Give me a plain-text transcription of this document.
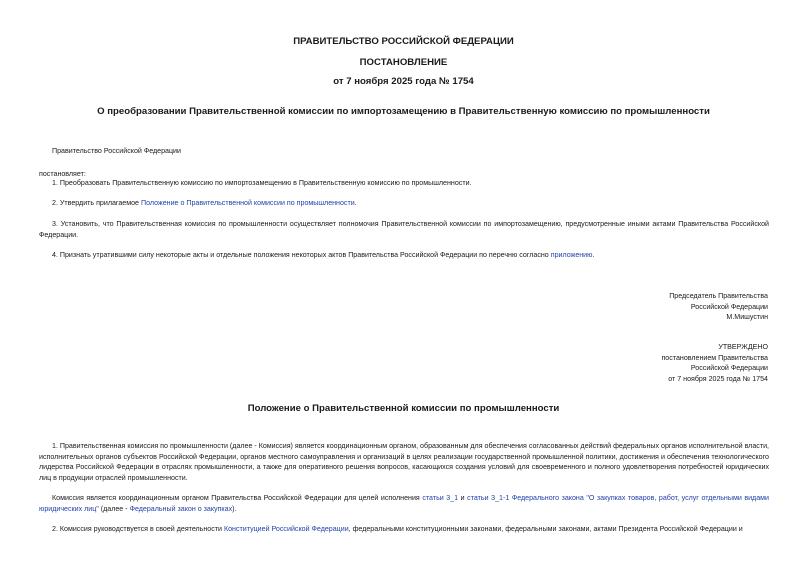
ПРАВИТЕЛЬСТВО РОССИЙСКОЙ ФЕДЕРАЦИИ
ПОСТАНОВЛЕНИЕ
от 7 ноября 2025 года № 1754
О преобразовании Правительственной комиссии по импортозамещению в Правительственную комиссию по промышленности
Правительство Российской Федерации
постановляет:
1. Преобразовать Правительственную комиссию по импортозамещению в Правительственную комиссию по промышленности.
2. Утвердить прилагаемое Положение о Правительственной комиссии по промышленности.
3. Установить, что Правительственная комиссия по промышленности осуществляет полномочия Правительственной комиссии по импортозамещению, предусмотренные иными актами Правительства Российской Федерации.
4. Признать утратившими силу некоторые акты и отдельные положения некоторых актов Правительства Российской Федерации по перечню согласно приложению.
Председатель Правительства
Российской Федерации
М.Мишустин
УТВЕРЖДЕНО
постановлением Правительства
Российской Федерации
от 7 ноября 2025 года № 1754
Положение о Правительственной комиссии по промышленности
1. Правительственная комиссия по промышленности (далее - Комиссия) является координационным органом, образованным для обеспечения согласованных действий федеральных органов исполнительной власти, исполнительных органов субъектов Российской Федерации, органов местного самоуправления и организаций в целях реализации государственной промышленной политики, достижения и обеспечения технологического лидерства Российской Федерации в отраслях промышленности, а также для оперативного решения вопросов, касающихся создания условий для своевременного и полного удовлетворения потребностей юридических лиц в продукции отраслей промышленности.
Комиссия является координационным органом Правительства Российской Федерации для целей исполнения статьи 3_1 и статьи 3_1-1 Федерального закона "О закупках товаров, работ, услуг отдельными видами юридических лиц" (далее - Федеральный закон о закупках).
2. Комиссия руководствуется в своей деятельности Конституцией Российской Федерации, федеральными конституционными законами, федеральными законами, актами Президента Российской Федерации и
